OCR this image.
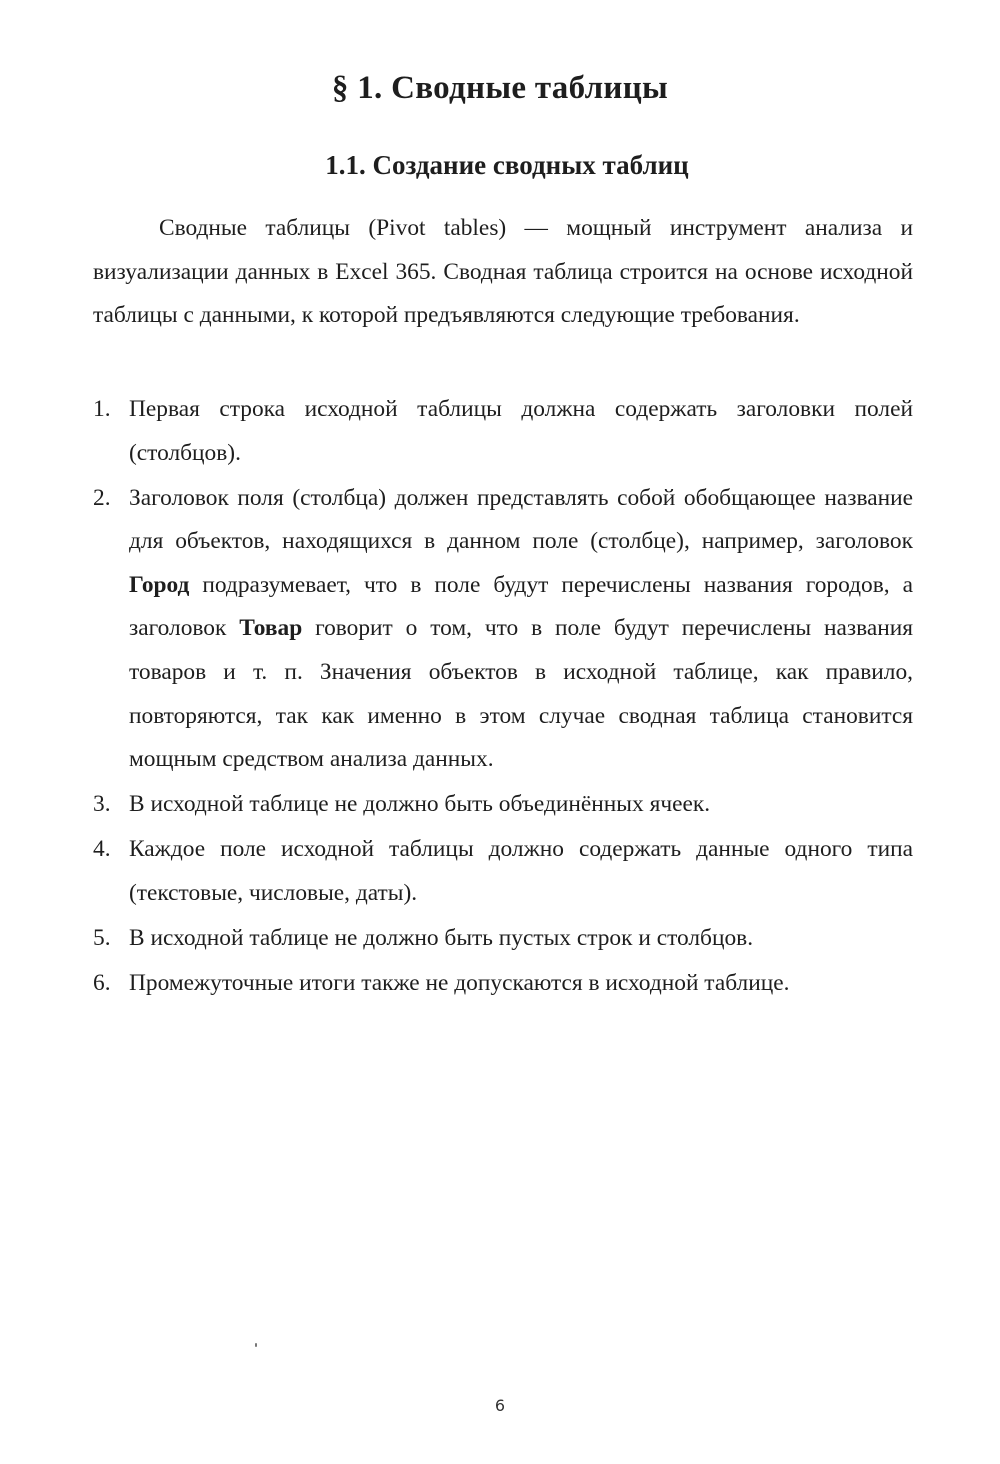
§ 1. Сводные таблицы
1.1. Создание сводных таблиц

Сводные таблицы (Pivot tables) — мощный инструмент анализа и визуализации данных в Excel 365. Сводная таблица строится на основе исходной таблицы с данными, к которой предъявляются следующие требования.

1. Первая строка исходной таблицы должна содержать заголовки полей (столбцов).
2. Заголовок поля (столбца) должен представлять собой обобщающее название для объектов, находящихся в данном поле (столбце), например, заголовок Город подразумевает, что в поле будут перечислены названия городов, а заголовок Товар говорит о том, что в поле будут перечислены названия товаров и т. п. Значения объектов в исходной таблице, как правило, повторяются, так как именно в этом случае сводная таблица становится мощным средством анализа данных.
3. В исходной таблице не должно быть объединённых ячеек.
4. Каждое поле исходной таблицы должно содержать данные одного типа (текстовые, числовые, даты).
5. В исходной таблице не должно быть пустых строк и столбцов.
6. Промежуточные итоги также не допускаются в исходной таблице.
6
